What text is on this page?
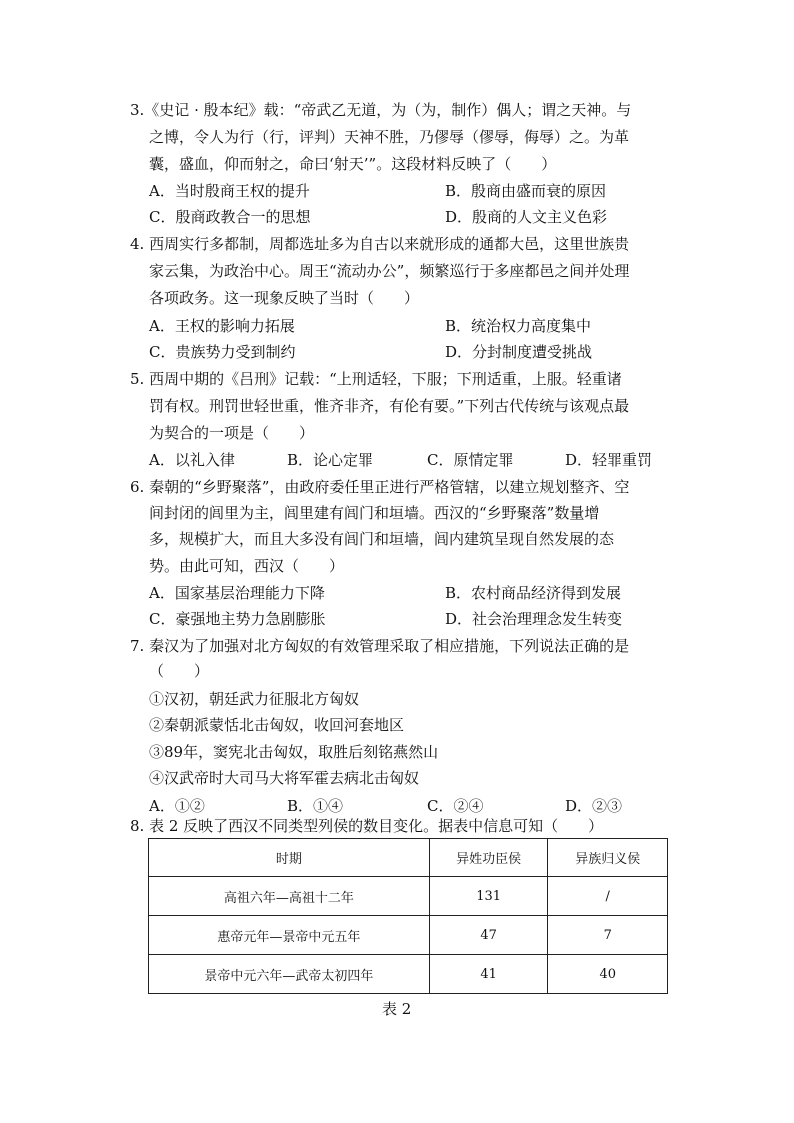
3.《史记 · 殷本纪》载：“帝武乙无道，为（为，制作）偶人；谓之天神。与
之博，令人为行（行，评判）天神不胜，乃僇辱（僇辱，侮辱）之。为革
囊，盛血，仰而射之，命曰‘射天’”。这段材料反映了（　　）
A．当时殷商王权的提升	B．殷商由盛而衰的原因
C．殷商政教合一的思想	D．殷商的人文主义色彩
4. 西周实行多都制，周都选址多为自古以来就形成的通都大邑，这里世族贵
家云集，为政治中心。周王“流动办公”，频繁巡行于多座都邑之间并处理
各项政务。这一现象反映了当时（　　）
A．王权的影响力拓展	B．统治权力高度集中
C．贵族势力受到制约	D．分封制度遭受挑战
5. 西周中期的《吕刑》记载：“上刑适轻，下服；下刑适重，上服。轻重诸
罚有权。刑罚世轻世重，惟齐非齐，有伦有要。”下列古代传统与该观点最
为契合的一项是（　　）
A．以礼入律	B．论心定罪	C．原情定罪	D．轻罪重罚
6. 秦朝的“乡野聚落”，由政府委任里正进行严格管辖，以建立规划整齐、空
间封闭的闾里为主，闾里建有闾门和垣墙。西汉的“乡野聚落”数量增
多，规模扩大，而且大多没有闾门和垣墙，闾内建筑呈现自然发展的态
势。由此可知，西汉（　　）
A．国家基层治理能力下降	B．农村商品经济得到发展
C．豪强地主势力急剧膨胀	D．社会治理理念发生转变
7. 秦汉为了加强对北方匈奴的有效管理采取了相应措施，下列说法正确的是
（　　）
①汉初，朝廷武力征服北方匈奴
②秦朝派蒙恬北击匈奴，收回河套地区
③89年，窦宪北击匈奴，取胜后刻铭燕然山
④汉武帝时大司马大将军霍去病北击匈奴
A．①②	B．①④	C．②④	D．②③
8. 表 2 反映了西汉不同类型列侯的数目变化。据表中信息可知（　　）
时期	异姓功臣侯	异族归义侯
高祖六年—高祖十二年	131	/
惠帝元年—景帝中元五年	47	7
景帝中元六年—武帝太初四年	41	40
表 2
